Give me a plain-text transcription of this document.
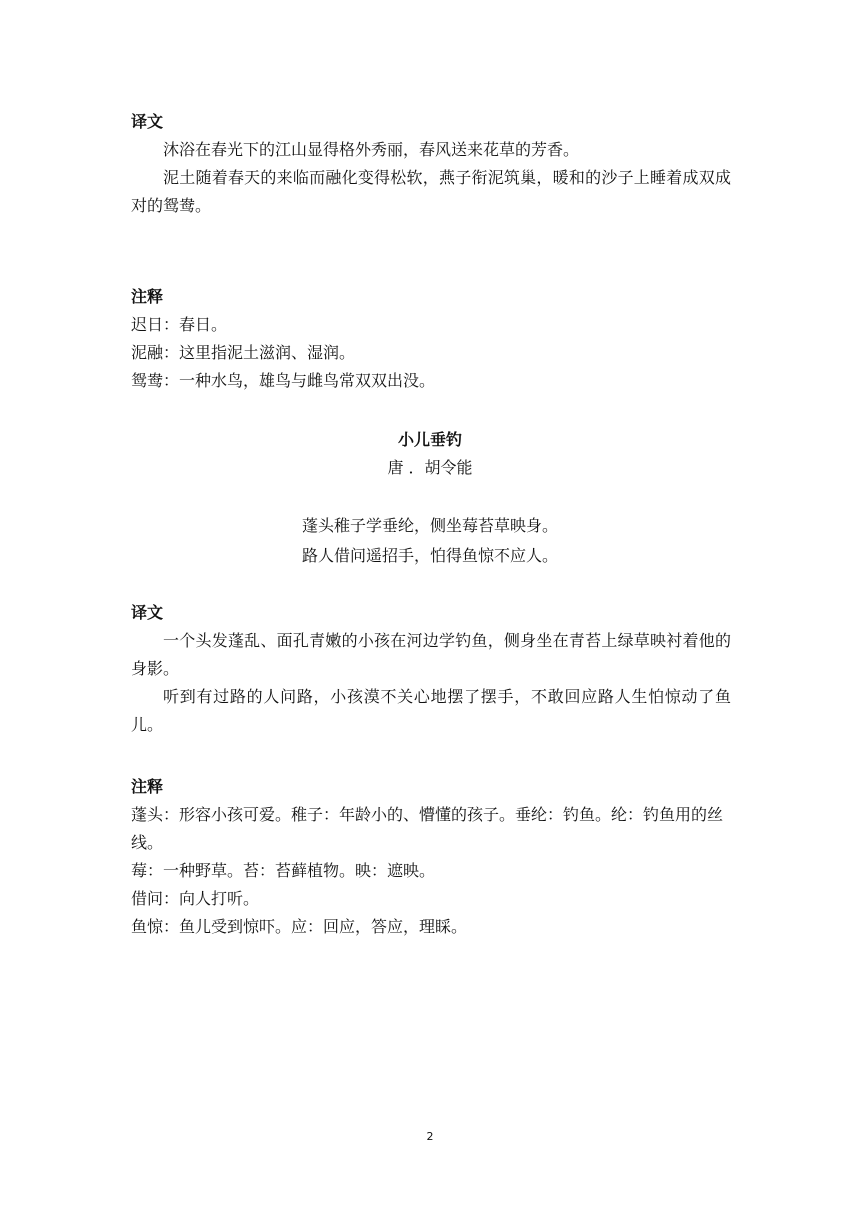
译文

沐浴在春光下的江山显得格外秀丽，春风送来花草的芳香。

泥土随着春天的来临而融化变得松软，燕子衔泥筑巢，暖和的沙子上睡着成双成对的鸳鸯。

注释

迟日：春日。

泥融：这里指泥土滋润、湿润。

鸳鸯：一种水鸟，雄鸟与雌鸟常双双出没。

小儿垂钓
唐 ．胡令能
蓬头稚子学垂纶，侧坐莓苔草映身。
路人借问遥招手，怕得鱼惊不应人。
译文

一个头发蓬乱、面孔青嫩的小孩在河边学钓鱼，侧身坐在青苔上绿草映衬着他的身影。

听到有过路的人问路，小孩漠不关心地摆了摆手，不敢回应路人生怕惊动了鱼儿。

注释

蓬头：形容小孩可爱。稚子：年龄小的、懵懂的孩子。垂纶：钓鱼。纶：钓鱼用的丝线。

莓：一种野草。苔：苔藓植物。映：遮映。

借问：向人打听。

鱼惊：鱼儿受到惊吓。应：回应，答应，理睬。

2
